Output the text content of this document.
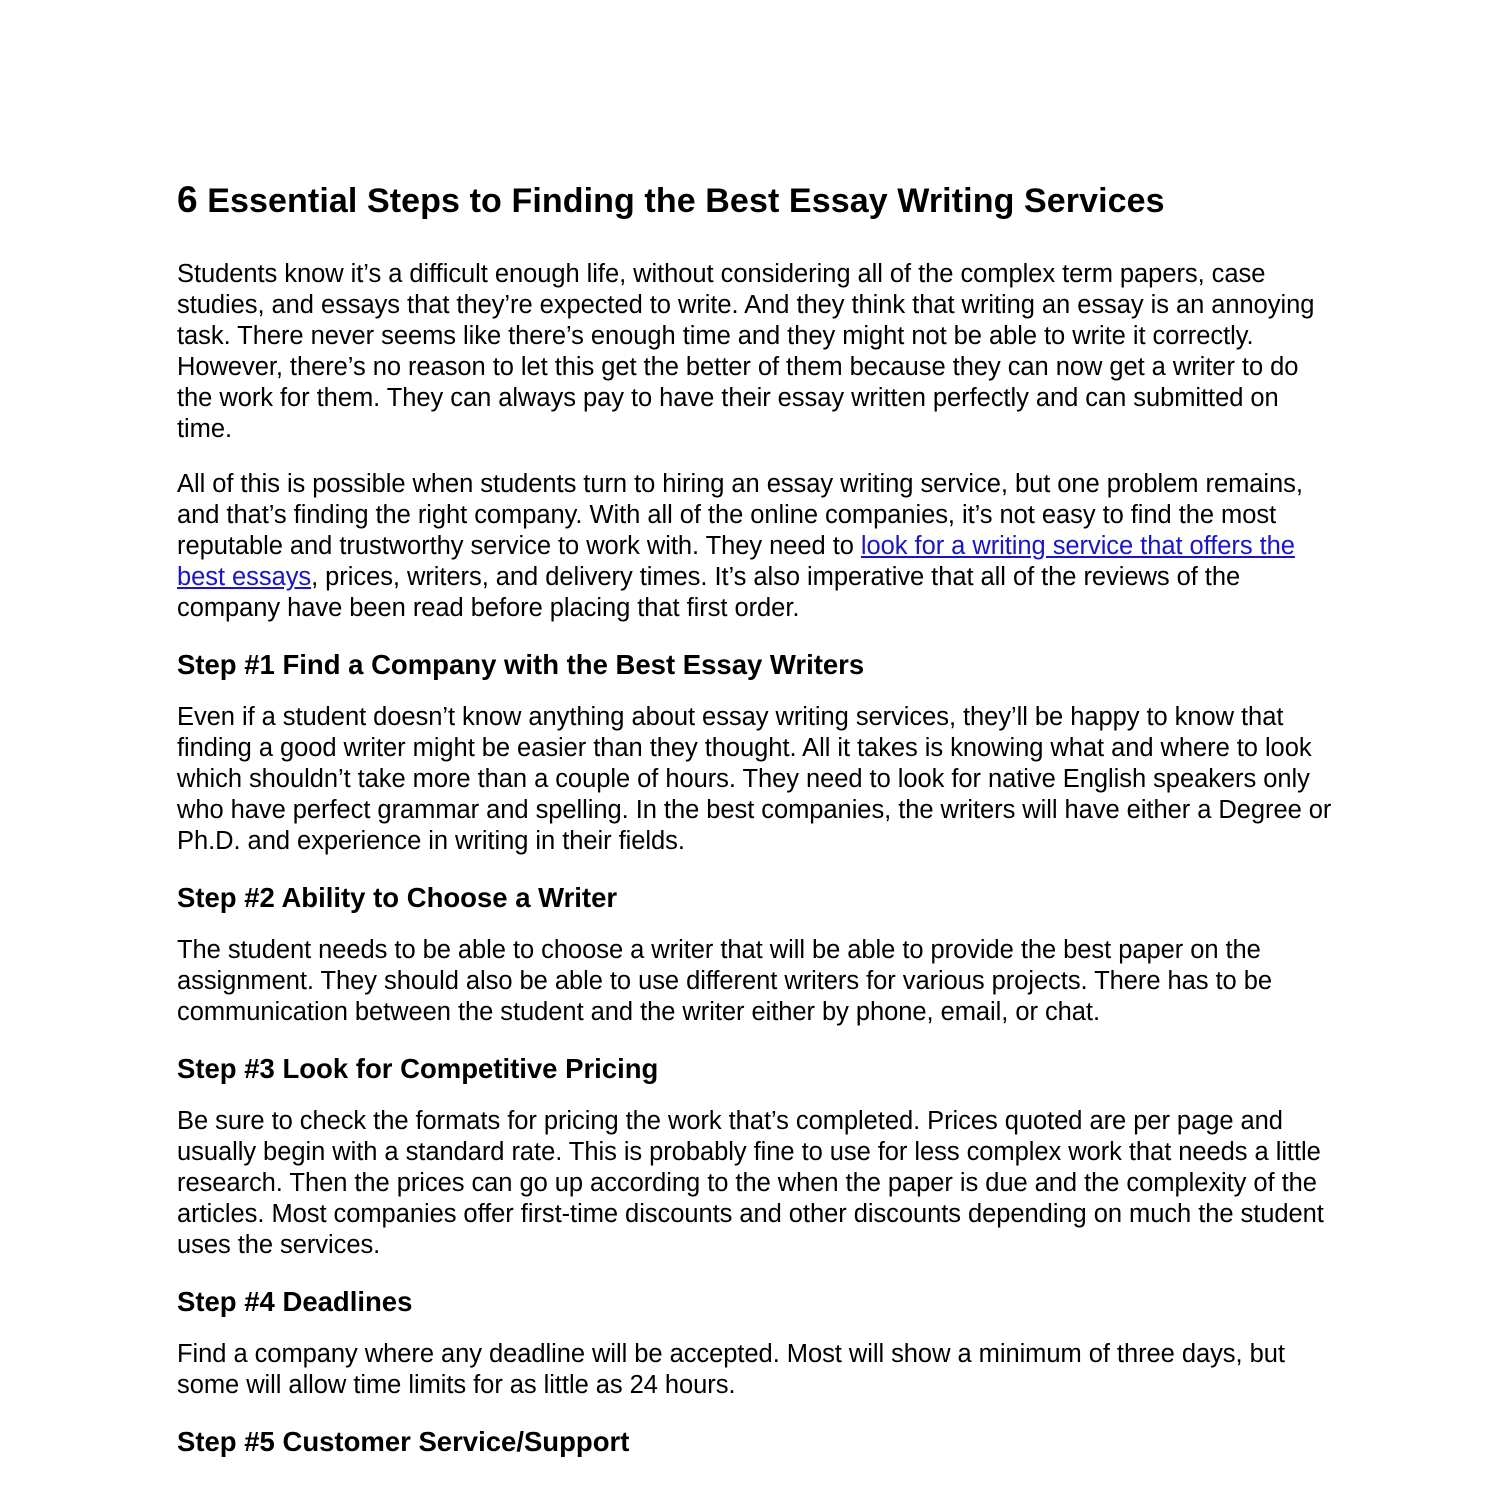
6 Essential Steps to Finding the Best Essay Writing Services

Students know it’s a difficult enough life, without considering all of the complex term papers, case studies, and essays that they’re expected to write. And they think that writing an essay is an annoying task. There never seems like there’s enough time and they might not be able to write it correctly. However, there’s no reason to let this get the better of them because they can now get a writer to do the work for them. They can always pay to have their essay written perfectly and can submitted on time.

All of this is possible when students turn to hiring an essay writing service, but one problem remains, and that’s finding the right company. With all of the online companies, it’s not easy to find the most reputable and trustworthy service to work with. They need to look for a writing service that offers the best essays, prices, writers, and delivery times. It’s also imperative that all of the reviews of the company have been read before placing that first order.

Step #1 Find a Company with the Best Essay Writers

Even if a student doesn’t know anything about essay writing services, they’ll be happy to know that finding a good writer might be easier than they thought. All it takes is knowing what and where to look which shouldn’t take more than a couple of hours. They need to look for native English speakers only who have perfect grammar and spelling. In the best companies, the writers will have either a Degree or Ph.D. and experience in writing in their fields.

Step #2 Ability to Choose a Writer

The student needs to be able to choose a writer that will be able to provide the best paper on the assignment. They should also be able to use different writers for various projects. There has to be communication between the student and the writer either by phone, email, or chat.

Step #3 Look for Competitive Pricing

Be sure to check the formats for pricing the work that’s completed. Prices quoted are per page and usually begin with a standard rate. This is probably fine to use for less complex work that needs a little research. Then the prices can go up according to the when the paper is due and the complexity of the articles. Most companies offer first-time discounts and other discounts depending on much the student uses the services.

Step #4 Deadlines

Find a company where any deadline will be accepted. Most will show a minimum of three days, but some will allow time limits for as little as 24 hours.

Step #5 Customer Service/Support
